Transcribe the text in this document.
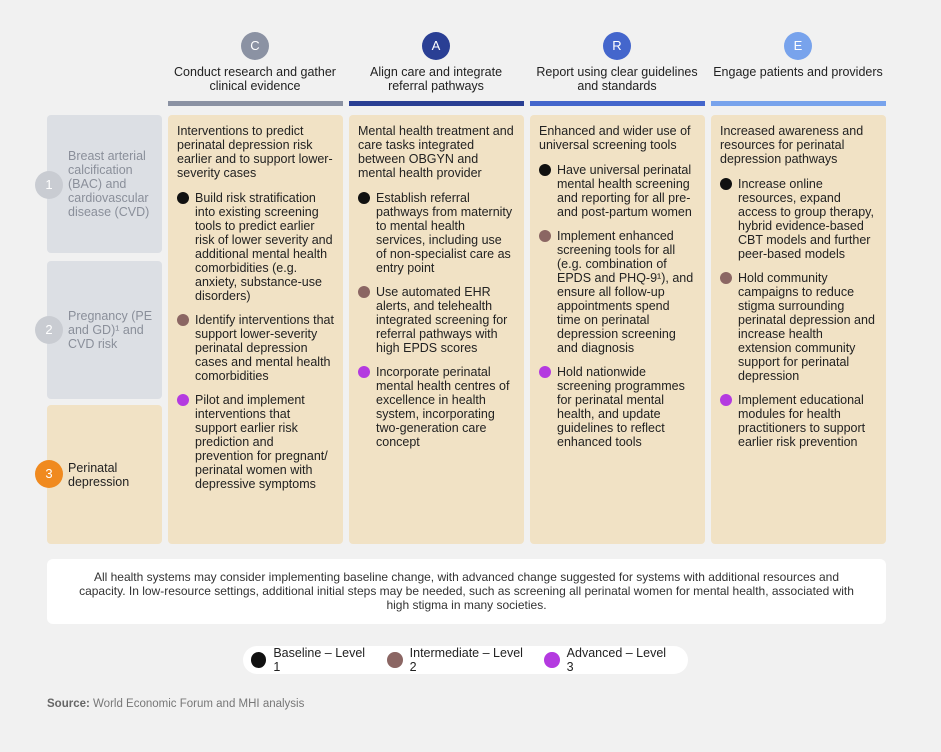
C
Conduct research and gather clinical evidence
A
Align care and integrate referral pathways
R
Report using clear guidelines and standards
E
Engage patients and providers
1
Breast arterial calcification (BAC) and cardiovascular disease (CVD)
2
Pregnancy (PE and GD)¹ and CVD risk
3	Perinatal depression
Interventions to predict perinatal depression risk earlier and to support lower-severity cases
Build risk stratification into existing screening tools to predict earlier risk of lower severity and additional mental health comorbidities (e.g. anxiety, substance-use disorders)
Identify interventions that support lower-severity perinatal depression cases and mental health comorbidities
Pilot and implement interventions that support earlier risk prediction and prevention for pregnant/ perinatal women with depressive symptoms
Mental health treatment and care tasks integrated between OBGYN and mental health provider
Establish referral pathways from maternity to mental health services, including use of non-specialist care as entry point
Use automated EHR alerts, and telehealth integrated screening for referral pathways with high EPDS scores
Incorporate perinatal mental health centres of excellence in health system, incorporating two-generation care concept
Enhanced and wider use of universal screening tools
Have universal perinatal mental health screening and reporting for all pre- and post-partum women
Implement enhanced screening tools for all (e.g. combination of EPDS and PHQ-9¹), and ensure all follow-up appointments spend time on perinatal depression screening and diagnosis
Hold nationwide screening programmes for perinatal mental health, and update guidelines to reflect enhanced tools
Increased awareness and resources for perinatal depression pathways
Increase online resources, expand access to group therapy, hybrid evidence-based CBT models and further peer-based models
Hold community campaigns to reduce stigma surrounding perinatal depression and increase health extension community support for perinatal depression
Implement educational modules for health practitioners to support earlier risk prevention
All health systems may consider implementing baseline change, with advanced change suggested for systems with additional resources and capacity. In low-resource settings, additional initial steps may be needed, such as screening all perinatal women for mental health, associated with high stigma in many societies.
Baseline – Level 1
Intermediate – Level 2
Advanced – Level 3
Source: World Economic Forum and MHI analysis
